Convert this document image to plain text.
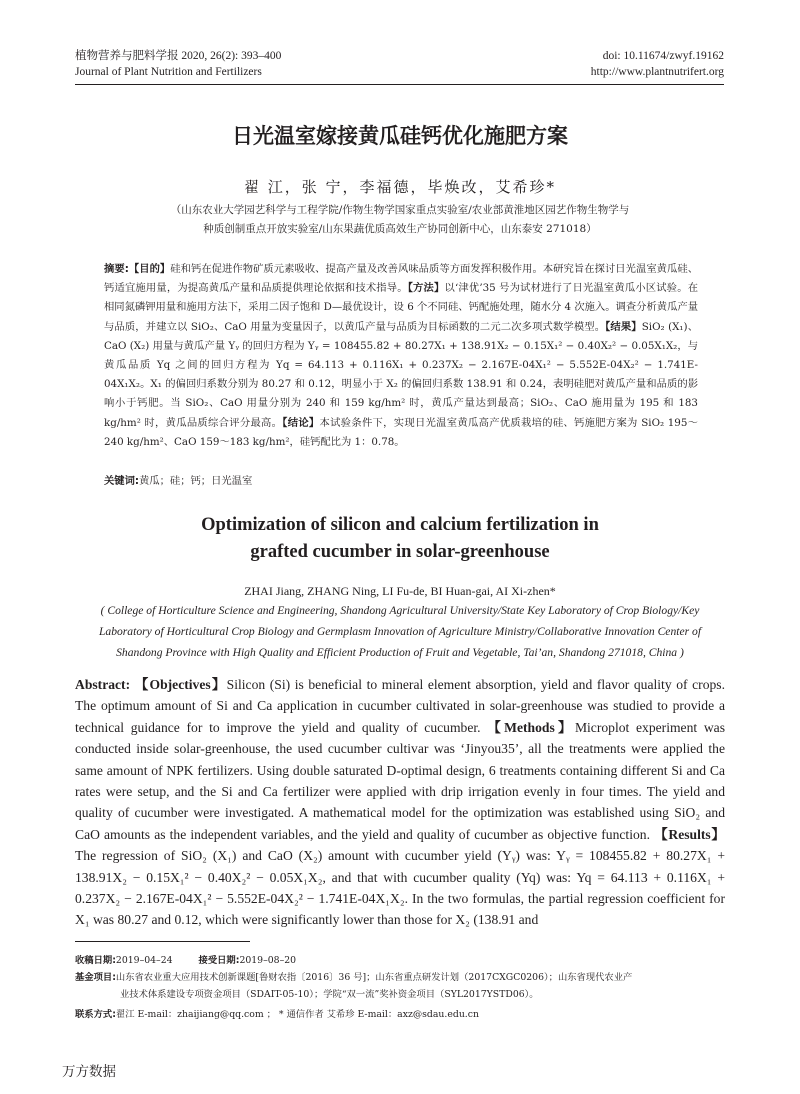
植物营养与肥料学报 2020, 26(2): 393–400
Journal of Plant Nutrition and Fertilizers
doi: 10.11674/zwyf.19162
http://www.plantnutrifert.org
日光温室嫁接黄瓜硅钙优化施肥方案
翟 江，张 宁，李福德，毕焕改，艾希珍*
（山东农业大学园艺科学与工程学院/作物生物学国家重点实验室/农业部黄淮地区园艺作物生物学与
种质创制重点开放实验室/山东果蔬优质高效生产协同创新中心，山东泰安 271018）
摘要:【目的】硅和钙在促进作物矿质元素吸收、提高产量及改善风味品质等方面发挥积极作用。本研究旨在探讨日光温室黄瓜硅、钙适宜施用量，为提高黄瓜产量和品质提供理论依据和技术指导。【方法】以‘津优’35 号为试材进行了日光温室黄瓜小区试验。在相同氮磷钾用量和施用方法下，采用二因子饱和 D—最优设计，设 6 个不同硅、钙配施处理，随水分 4 次施入。调查分析黄瓜产量与品质，并建立以 SiO₂、CaO 用量为变量因子，以黄瓜产量与品质为目标函数的二元二次多项式数学模型。【结果】SiO₂ (X₁)、CaO (X₂) 用量与黄瓜产量 Yᵧ 的回归方程为 Yᵧ = 108455.82 + 80.27X₁ + 138.91X₂ − 0.15X₁² − 0.40X₂² − 0.05X₁X₂，与黄瓜品质 Yq 之间的回归方程为 Yq = 64.113 + 0.116X₁ + 0.237X₂ − 2.167E-04X₁² − 5.552E-04X₂² − 1.741E-04X₁X₂。X₁ 的偏回归系数分别为 80.27 和 0.12，明显小于 X₂ 的偏回归系数 138.91 和 0.24，表明硅肥对黄瓜产量和品质的影响小于钙肥。当 SiO₂、CaO 用量分别为 240 和 159 kg/hm² 时，黄瓜产量达到最高；SiO₂、CaO 施用量为 195 和 183 kg/hm² 时，黄瓜品质综合评分最高。【结论】本试验条件下，实现日光温室黄瓜高产优质栽培的硅、钙施肥方案为 SiO₂ 195～240 kg/hm²、CaO 159～183 kg/hm²，硅钙配比为 1：0.78。
关键词:黄瓜；硅；钙；日光温室
Optimization of silicon and calcium fertilization in
grafted cucumber in solar-greenhouse
ZHAI Jiang, ZHANG Ning, LI Fu-de, BI Huan-gai, AI Xi-zhen*
( College of Horticulture Science and Engineering, Shandong Agricultural University/State Key Laboratory of Crop Biology/Key
Laboratory of Horticultural Crop Biology and Germplasm Innovation of Agriculture Ministry/Collaborative Innovation Center of
Shandong Province with High Quality and Efficient Production of Fruit and Vegetable, Tai’an, Shandong 271018, China )
Abstract: 【Objectives】Silicon (Si) is beneficial to mineral element absorption, yield and flavor quality of crops. The optimum amount of Si and Ca application in cucumber cultivated in solar-greenhouse was studied to provide a technical guidance for to improve the yield and quality of cucumber. 【Methods】Microplot experiment was conducted inside solar-greenhouse, the used cucumber cultivar was ‘Jinyou35’, all the treatments were applied the same amount of NPK fertilizers. Using double saturated D-optimal design, 6 treatments containing different Si and Ca rates were setup, and the Si and Ca fertilizer were applied with drip irrigation evenly in four times. The yield and quality of cucumber were investigated. A mathematical model for the optimization was established using SiO₂ and CaO amounts as the independent variables, and the yield and quality of cucumber as objective function. 【Results】The regression of SiO₂ (X₁) and CaO (X₂) amount with cucumber yield (Yᵧ) was: Yᵧ = 108455.82 + 80.27X₁ + 138.91X₂ − 0.15X₁² − 0.40X₂² − 0.05X₁X₂, and that with cucumber quality (Yq) was: Yq = 64.113 + 0.116X₁ + 0.237X₂ − 2.167E-04X₁² − 5.552E-04X₂² − 1.741E-04X₁X₂. In the two formulas, the partial regression coefficient for X₁ was 80.27 and 0.12, which were significantly lower than those for X₂ (138.91 and
收稿日期:2019–04–24	接受日期:2019–08–20
基金项目:山东省农业重大应用技术创新课题[鲁财农指〔2016〕36 号]；山东省重点研发计划（2017CXGC0206）；山东省现代农业产
业技术体系建设专项资金项目（SDAIT-05-10）；学院“双一流”奖补资金项目（SYL2017YSTD06）。
联系方式:翟江 E-mail：zhaijiang@qq.com ； * 通信作者 艾希珍 E-mail：axz@sdau.edu.cn
万方数据
